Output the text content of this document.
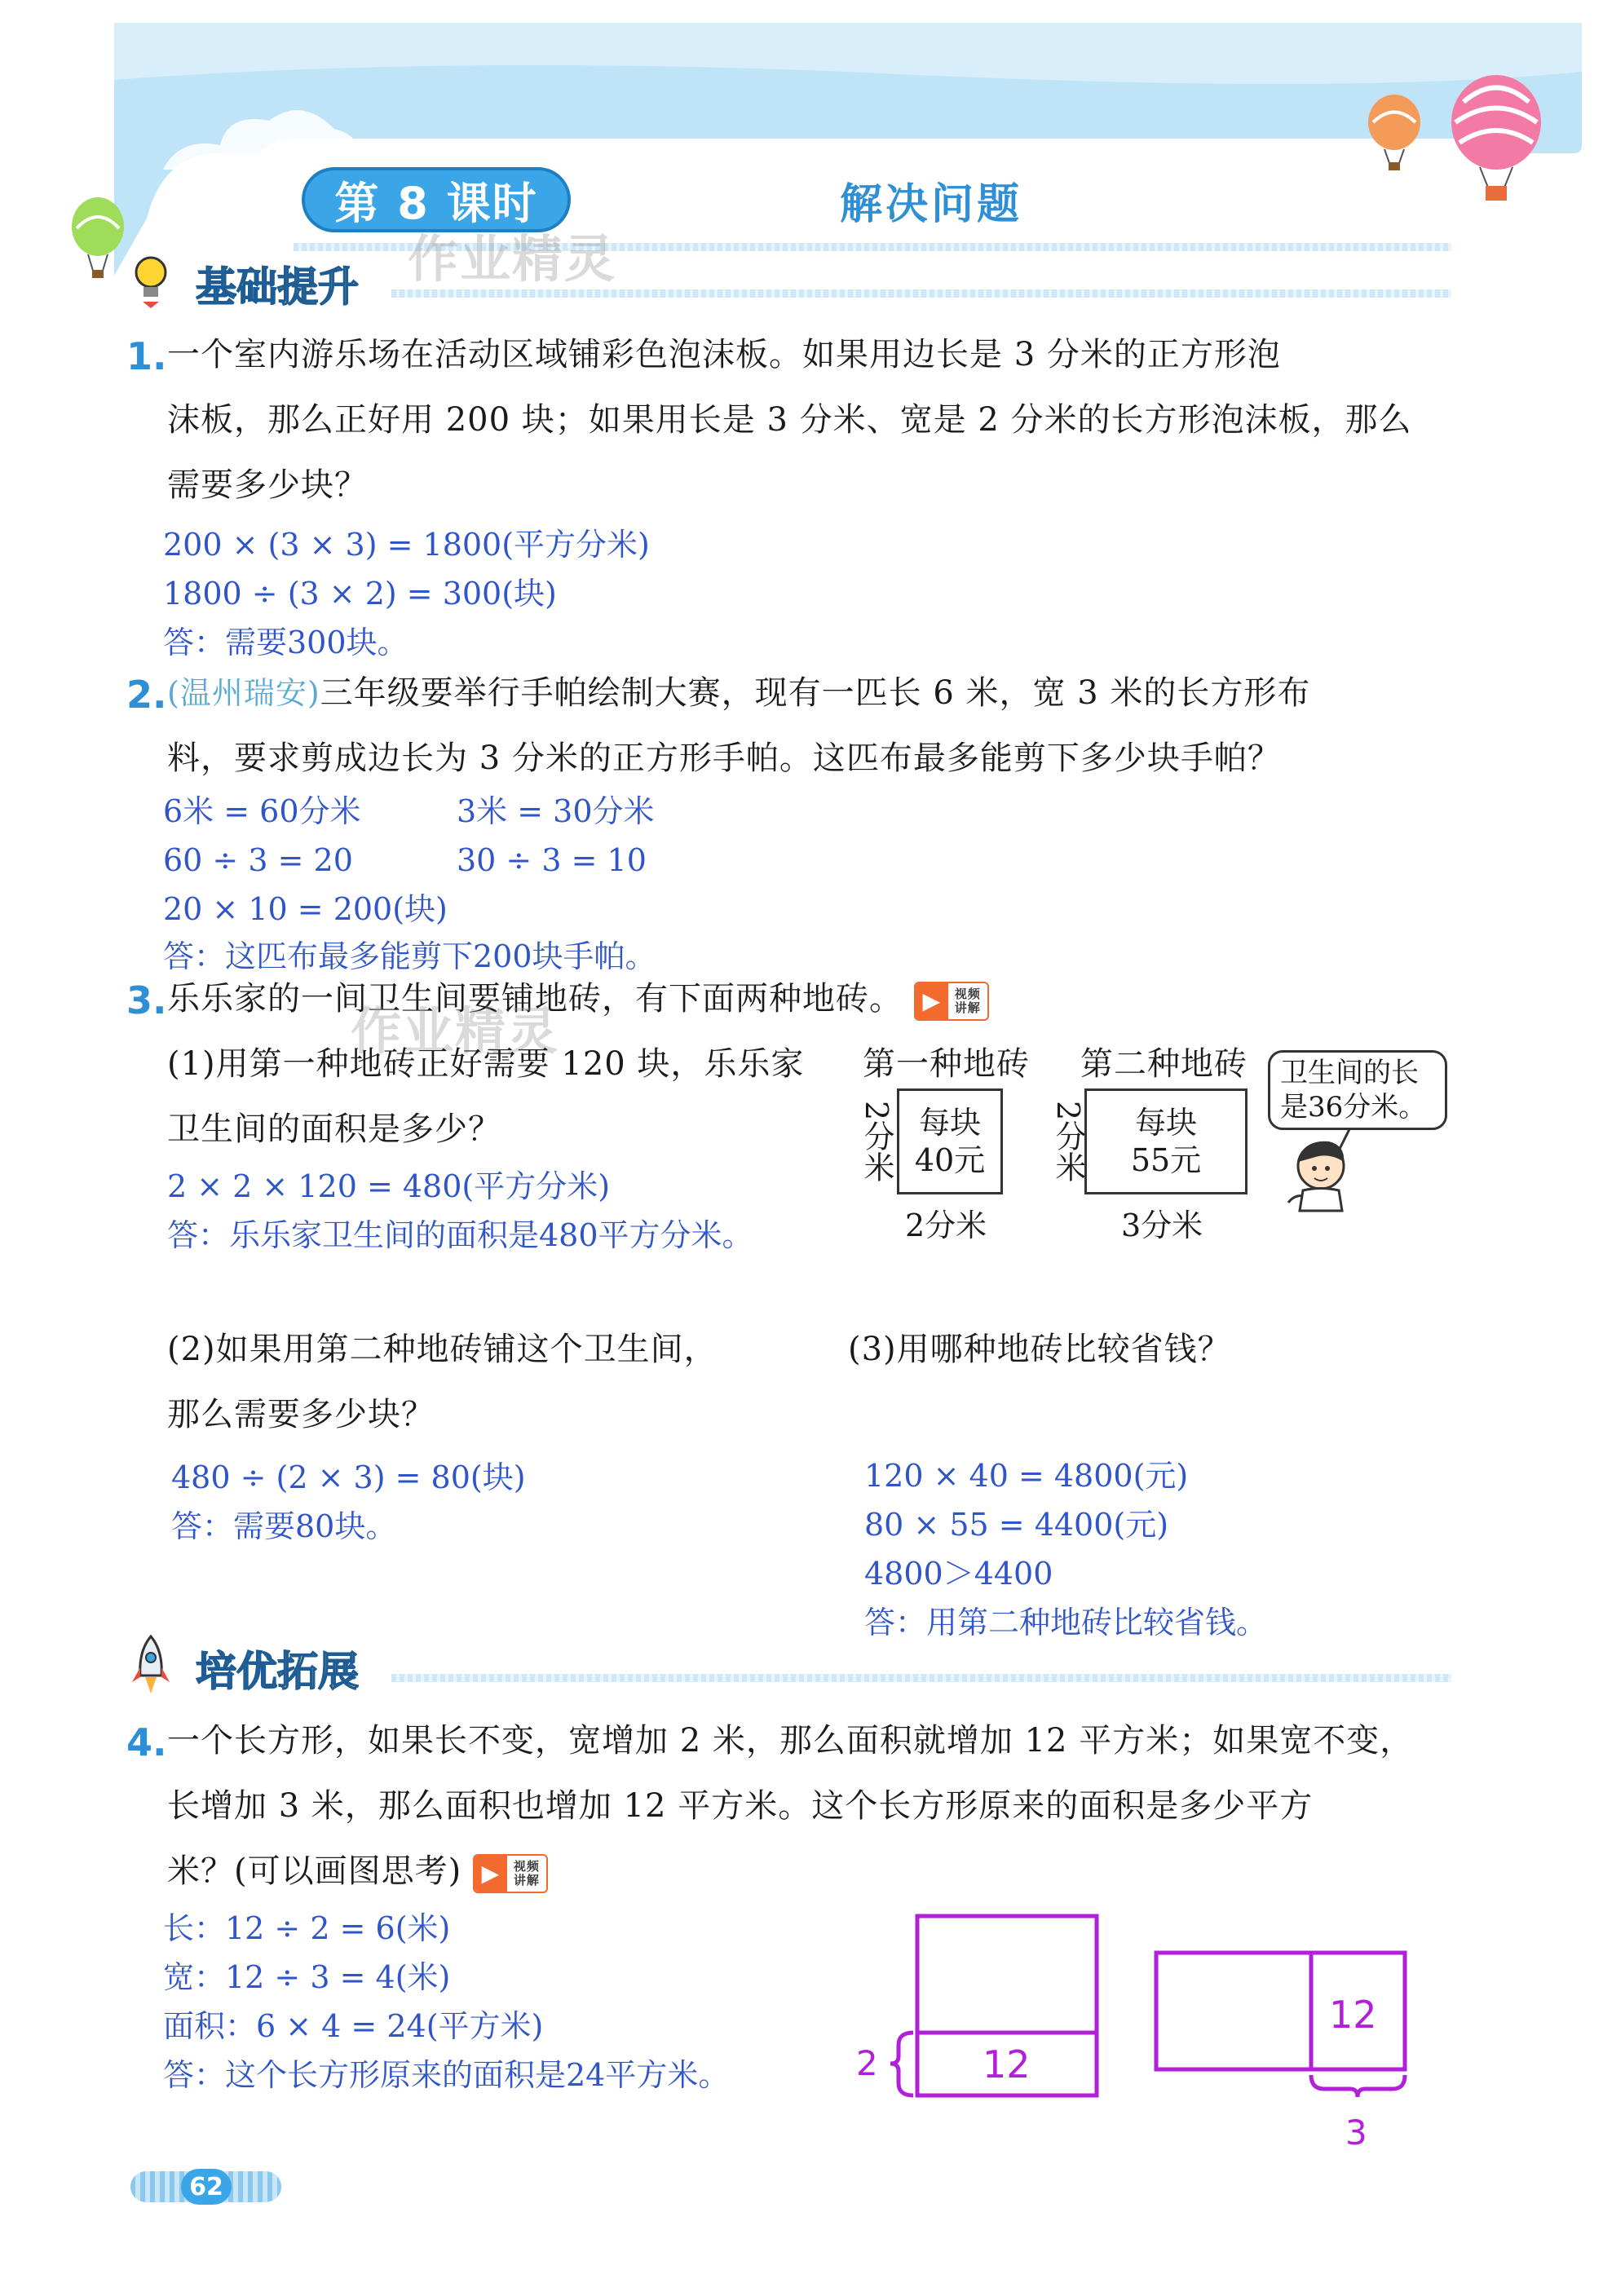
第 8 课时	解决问题
基础提升 作业精灵
1. 一个室内游乐场在活动区域铺彩色泡沫板。如果用边长是 3 分米的正方形泡
沫板，那么正好用 200 块；如果用长是 3 分米、宽是 2 分米的长方形泡沫板，那么
需要多少块？
200 × (3 × 3) = 1800(平方分米)
1800 ÷ (3 × 2) = 300(块)
答：需要300块。
2. (温州瑞安)三年级要举行手帕绘制大赛，现有一匹长 6 米，宽 3 米的长方形布
料，要求剪成边长为 3 分米的正方形手帕。这匹布最多能剪下多少块手帕？
6米 = 60分米	3米 = 30分米
60 ÷ 3 = 20	30 ÷ 3 = 10
20 × 10 = 200(块)
答：这匹布最多能剪下200块手帕。
3. 乐乐家的一间卫生间要铺地砖，有下面两种地砖。 ▶	视频
讲解
作业精灵
(1)用第一种地砖正好需要 120 块，乐乐家
卫生间的面积是多少？
2 × 2 × 120 = 480(平方分米)
答：乐乐家卫生间的面积是480平方分米。
第一种地砖
2分米 每块
40元
2分米
第二种地砖
2分米 每块
55元
3分米
卫生间的长
是36分米。
(2)如果用第二种地砖铺这个卫生间，
那么需要多少块？
480 ÷ (2 × 3) = 80(块)
答：需要80块。
(3)用哪种地砖比较省钱？
120 × 40 = 4800(元)
80 × 55 = 4400(元)
4800＞4400
答：用第二种地砖比较省钱。
培优拓展
4. 一个长方形，如果长不变，宽增加 2 米，那么面积就增加 12 平方米；如果宽不变，
长增加 3 米，那么面积也增加 12 平方米。这个长方形原来的面积是多少平方
米？(可以画图思考) ▶	视频
讲解
长：12 ÷ 2 = 6(米)
宽：12 ÷ 3 = 4(米)
面积：6 × 4 = 24(平方米)
答：这个长方形原来的面积是24平方米。	2	12
12
3
62
